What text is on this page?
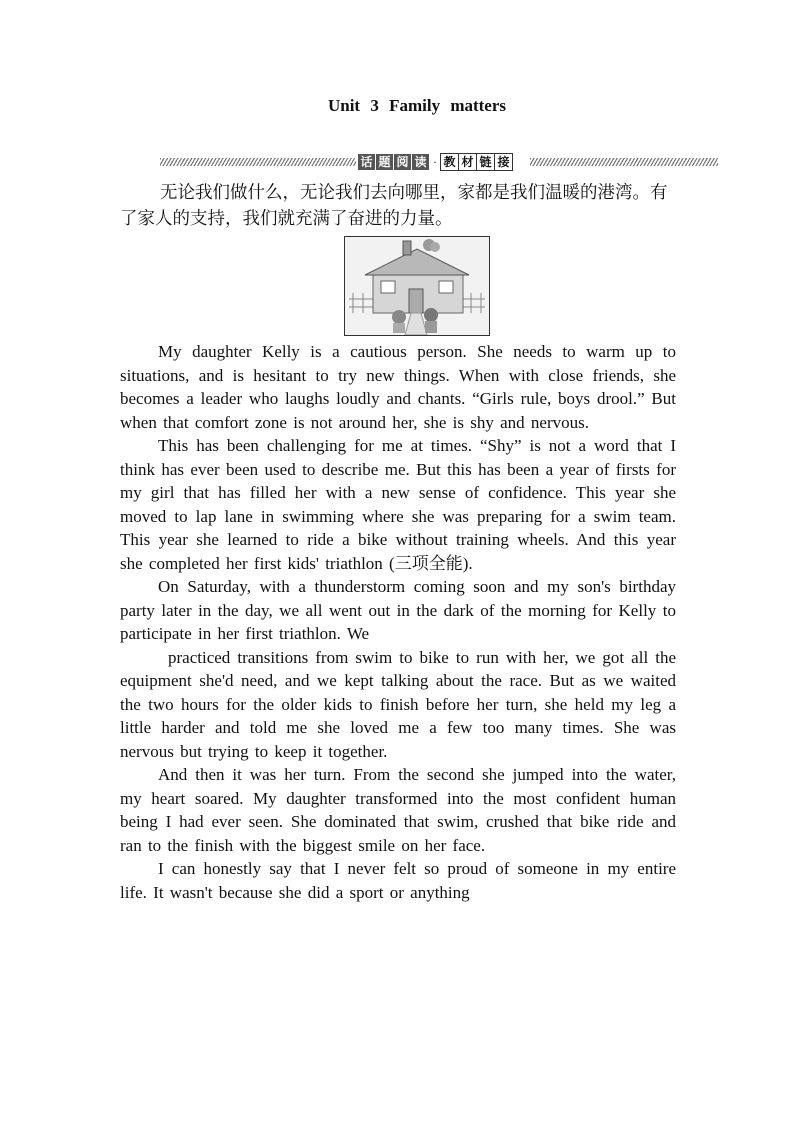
Unit 3 Family matters
话 题 阅 读 · 教 材 链 接

无论我们做什么，无论我们去向哪里，家都是我们温暖的港湾。有了家人的支持，我们就充满了奋进的力量。

My daughter Kelly is a cautious person. She needs to warm up to situations, and is hesitant to try new things. When with close friends, she becomes a leader who laughs loudly and chants. “Girls rule, boys drool.” But when that comfort zone is not around her, she is shy and nervous.

This has been challenging for me at times. “Shy” is not a word that I think has ever been used to describe me. But this has been a year of firsts for my girl that has filled her with a new sense of confidence. This year she moved to lap lane in swimming where she was preparing for a swim team. This year she learned to ride a bike without training wheels. And this year she completed her first kids' triathlon (三项全能).

On Saturday, with a thunderstorm coming soon and my son's birthday party later in the day, we all went out in the dark of the morning for Kelly to participate in her first triathlon. We

practiced transitions from swim to bike to run with her, we got all the equipment she'd need, and we kept talking about the race. But as we waited the two hours for the older kids to finish before her turn, she held my leg a little harder and told me she loved me a few too many times. She was nervous but trying to keep it together.

And then it was her turn. From the second she jumped into the water, my heart soared. My daughter transformed into the most confident human being I had ever seen. She dominated that swim, crushed that bike ride and ran to the finish with the biggest smile on her face.

I can honestly say that I never felt so proud of someone in my entire life. It wasn't because she did a sport or anything
